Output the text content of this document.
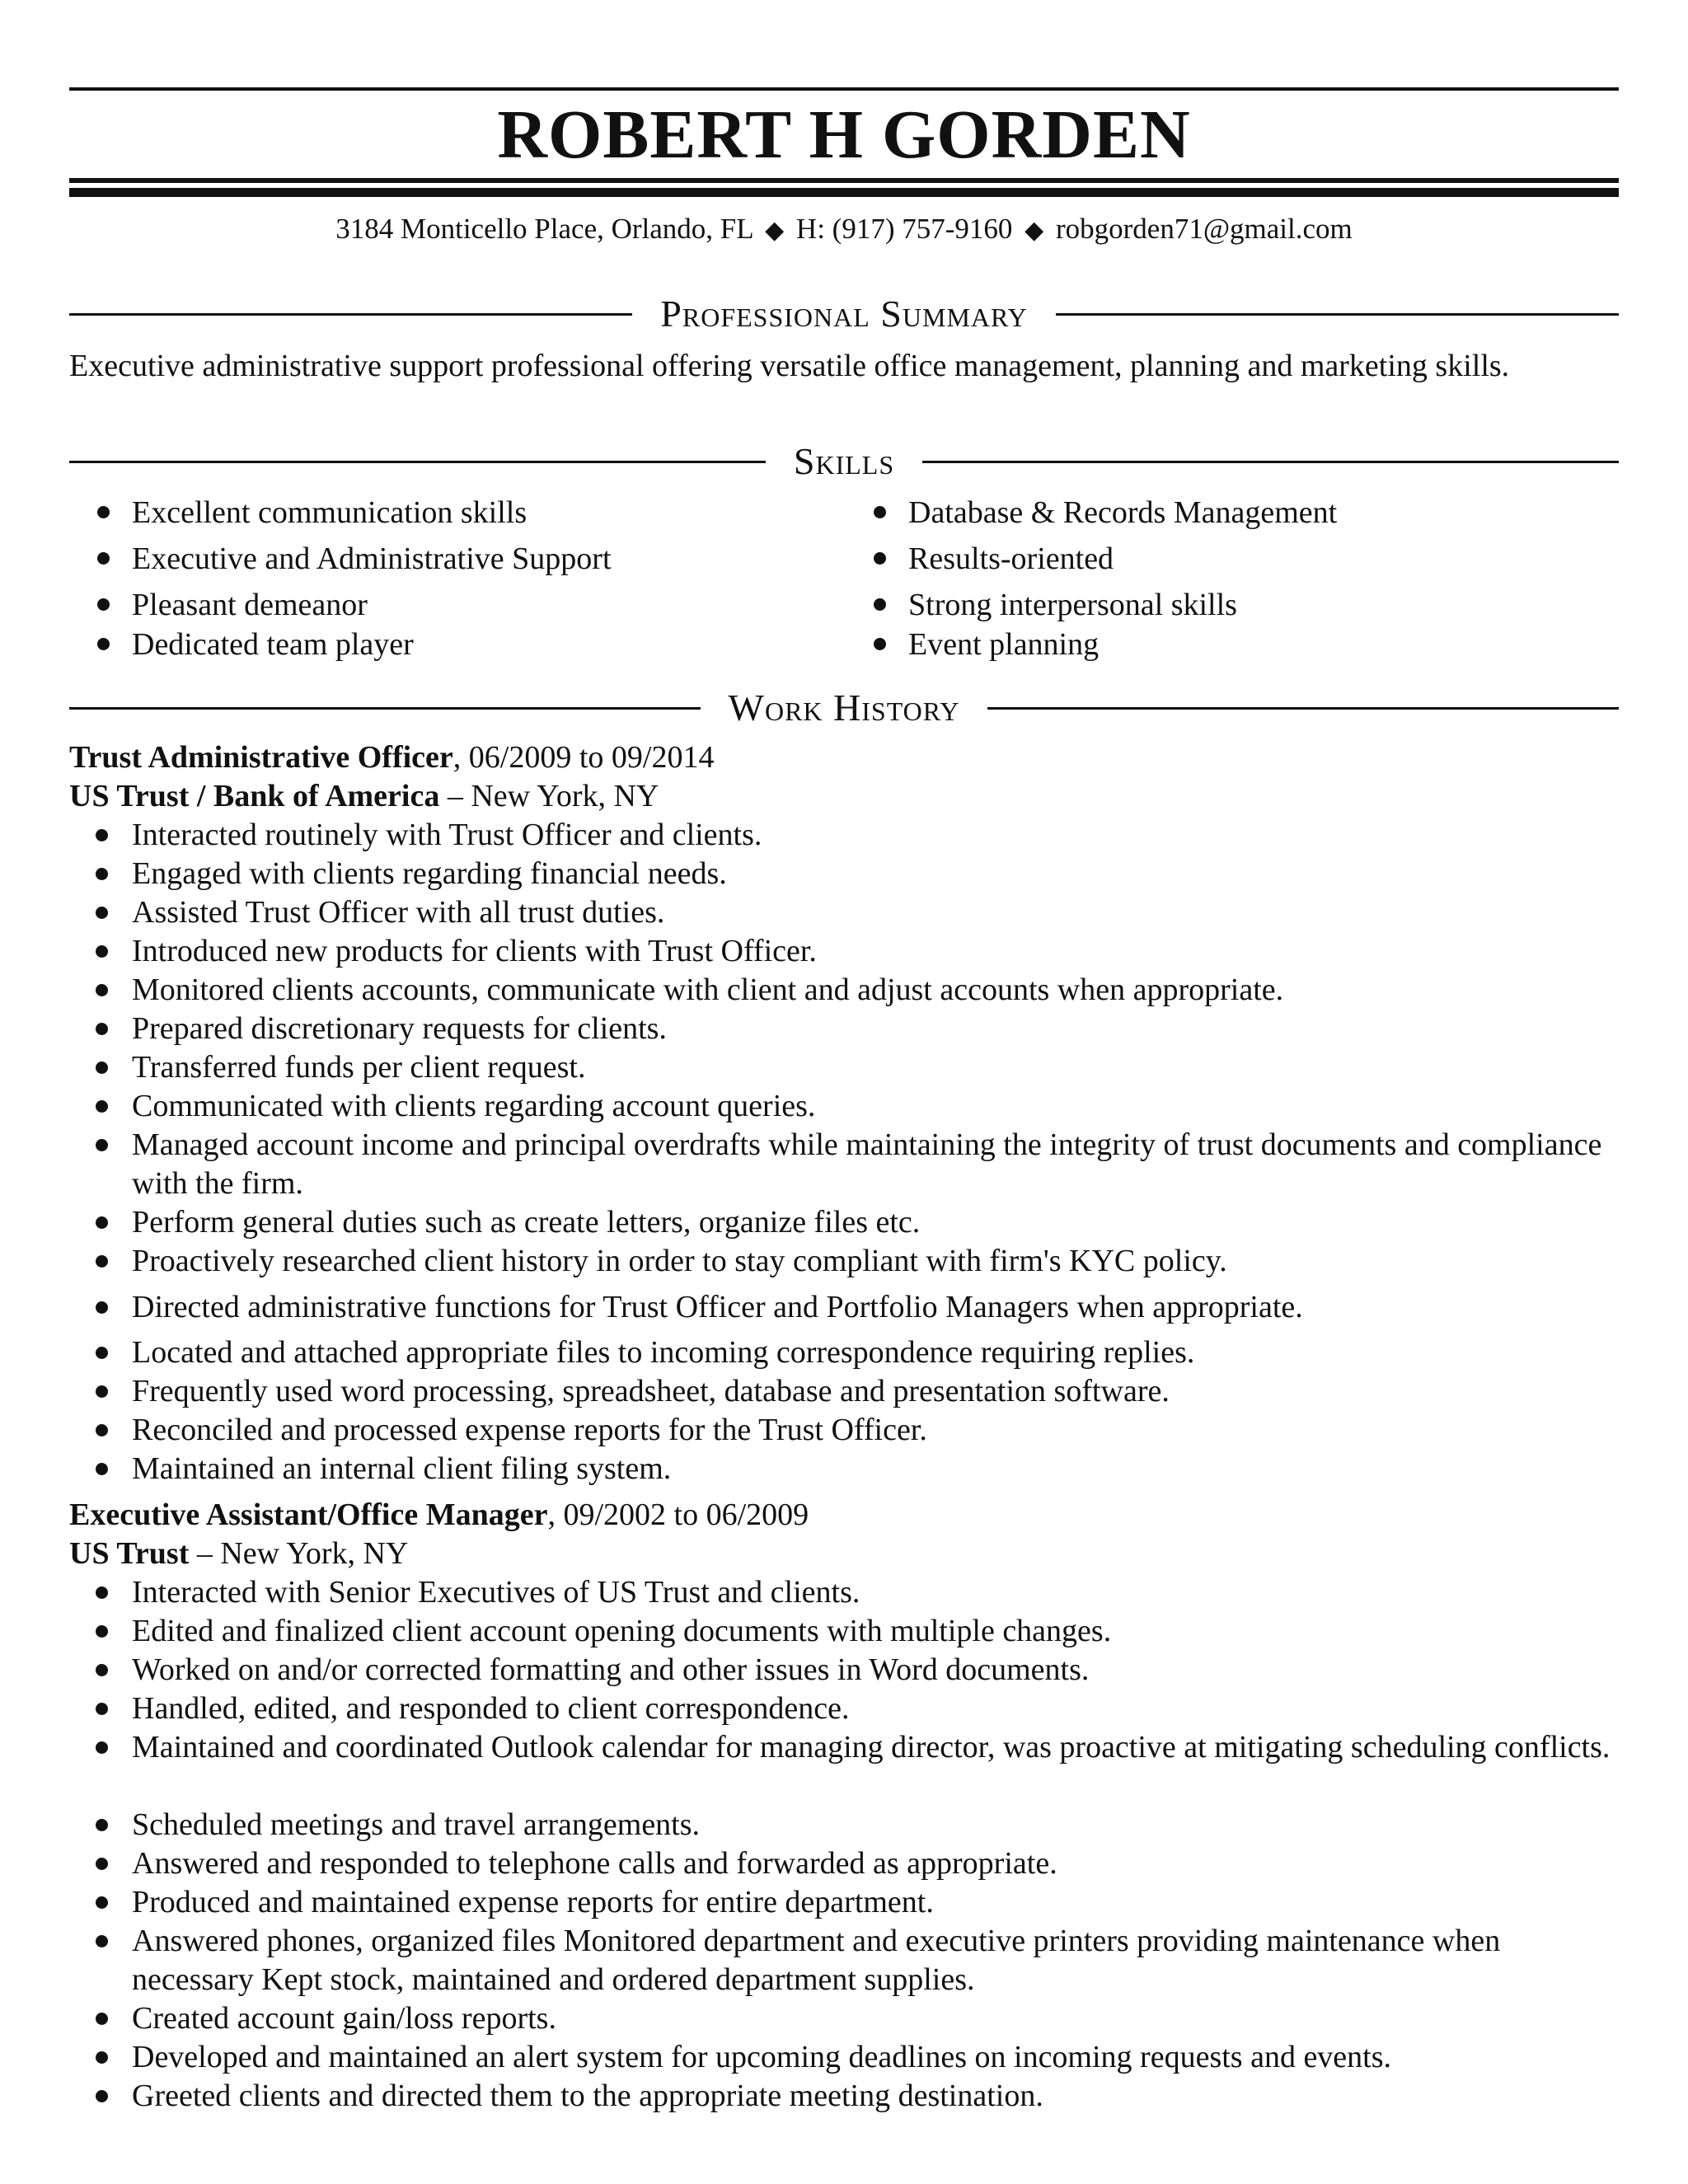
ROBERT H GORDEN
3184 Monticello Place, Orlando, FL ◆ H: (917) 757-9160 ◆ robgorden71@gmail.com
Professional Summary
Executive administrative support professional offering versatile office management, planning and marketing skills.
Skills
Excellent communication skills
Executive and Administrative Support
Pleasant demeanor
Dedicated team player
Database & Records Management
Results-oriented
Strong interpersonal skills
Event planning
Work History
Trust Administrative Officer, 06/2009 to 09/2014
US Trust / Bank of America – New York, NY
Interacted routinely with Trust Officer and clients.
Engaged with clients regarding financial needs.
Assisted Trust Officer with all trust duties.
Introduced new products for clients with Trust Officer.
Monitored clients accounts, communicate with client and adjust accounts when appropriate.
Prepared discretionary requests for clients.
Transferred funds per client request.
Communicated with clients regarding account queries.
Managed account income and principal overdrafts while maintaining the integrity of trust documents and compliance with the firm.
Perform general duties such as create letters, organize files etc.
Proactively researched client history in order to stay compliant with firm's KYC policy.
Directed administrative functions for Trust Officer and Portfolio Managers when appropriate.
Located and attached appropriate files to incoming correspondence requiring replies.
Frequently used word processing, spreadsheet, database and presentation software.
Reconciled and processed expense reports for the Trust Officer.
Maintained an internal client filing system.
Executive Assistant/Office Manager, 09/2002 to 06/2009
US Trust – New York, NY
Interacted with Senior Executives of US Trust and clients.
Edited and finalized client account opening documents with multiple changes.
Worked on and/or corrected formatting and other issues in Word documents.
Handled, edited, and responded to client correspondence.
Maintained and coordinated Outlook calendar for managing director, was proactive at mitigating scheduling conflicts.
Scheduled meetings and travel arrangements.
Answered and responded to telephone calls and forwarded as appropriate.
Produced and maintained expense reports for entire department.
Answered phones, organized files Monitored department and executive printers providing maintenance when necessary Kept stock, maintained and ordered department supplies.
Created account gain/loss reports.
Developed and maintained an alert system for upcoming deadlines on incoming requests and events.
Greeted clients and directed them to the appropriate meeting destination.
